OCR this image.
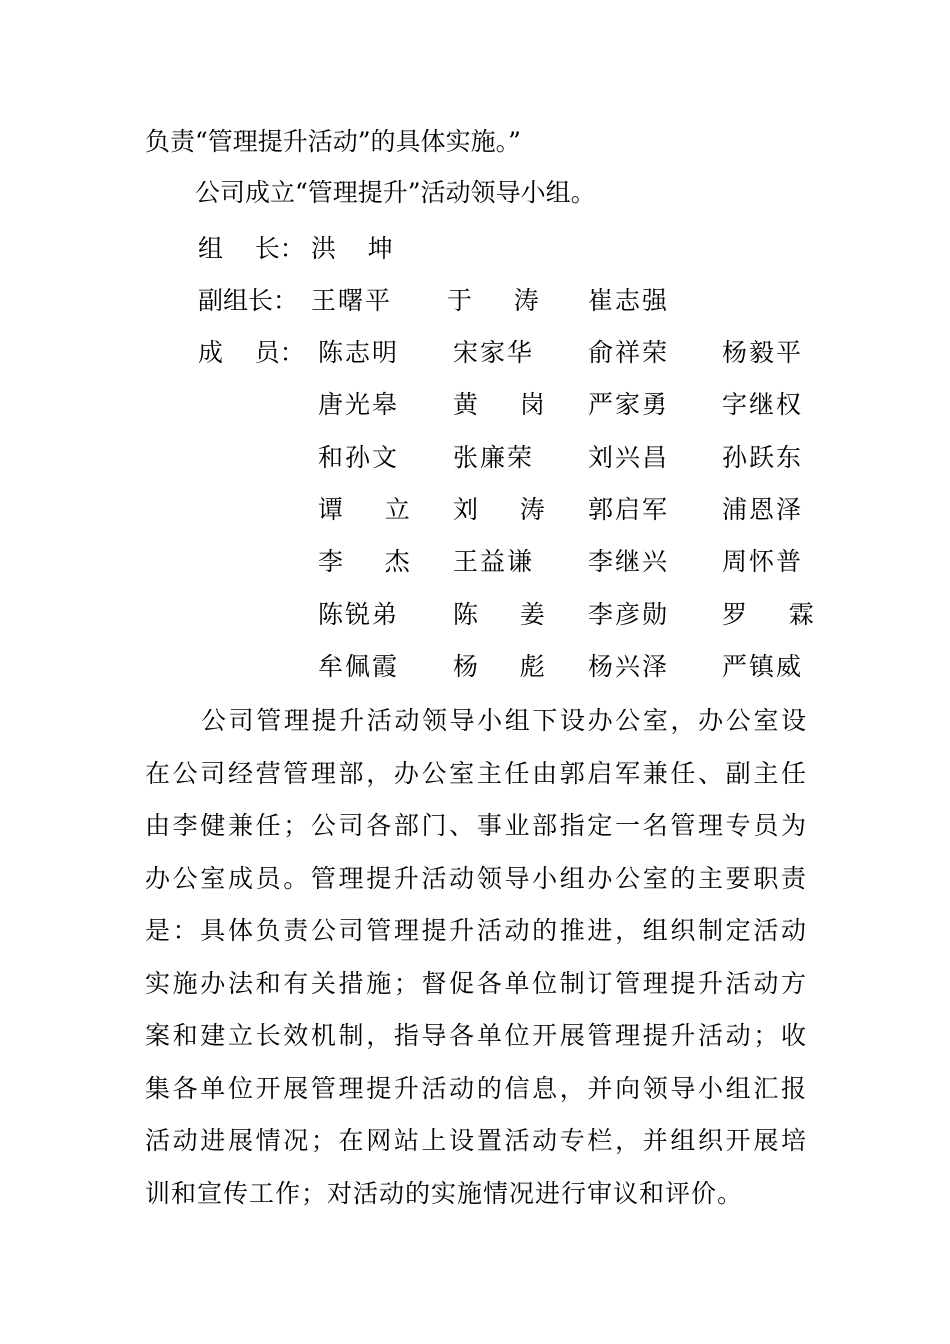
负责“管理提升活动”的具体实施。”
公司成立“管理提升”活动领导小组。
组    长： 洪    坤
副组长： 王曙平 于    涛 崔志强
成    员： 陈志明 宋家华 俞祥荣 杨毅平
唐光皋 黄    岗 严家勇 字继权
和孙文 张廉荣 刘兴昌 孙跃东
谭    立 刘    涛 郭启军 浦恩泽
李    杰 王益谦 李继兴 周怀普
陈锐弟 陈    姜 李彦勋 罗    霖
牟佩霞 杨    彪 杨兴泽 严镇威
公司管理提升活动领导小组下设办公室，办公室设
在公司经营管理部，办公室主任由郭启军兼任、副主任
由李健兼任；公司各部门、事业部指定一名管理专员为
办公室成员。管理提升活动领导小组办公室的主要职责
是：具体负责公司管理提升活动的推进，组织制定活动
实施办法和有关措施；督促各单位制订管理提升活动方
案和建立长效机制，指导各单位开展管理提升活动；收
集各单位开展管理提升活动的信息，并向领导小组汇报
活动进展情况；在网站上设置活动专栏，并组织开展培
训和宣传工作；对活动的实施情况进行审议和评价。
